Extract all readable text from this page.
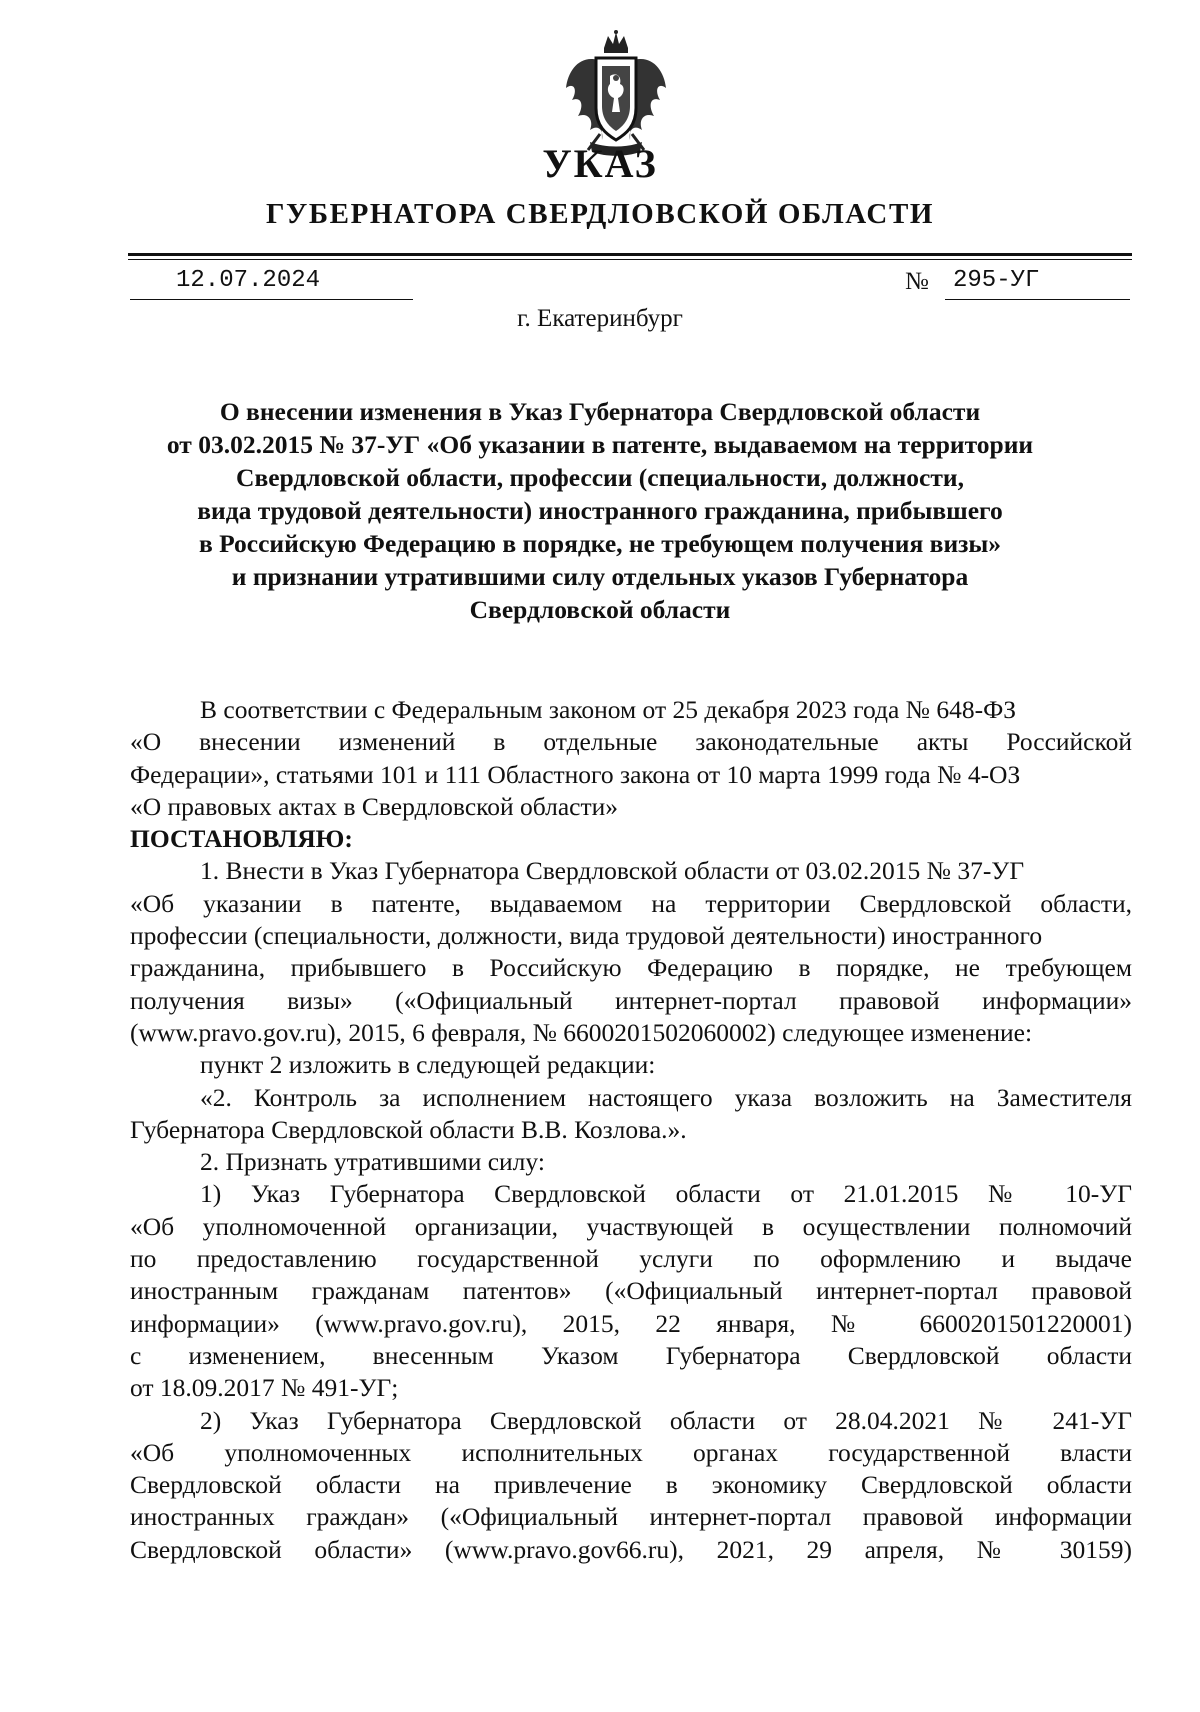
УКАЗ
ГУБЕРНАТОРА СВЕРДЛОВСКОЙ ОБЛАСТИ
12.07.2024	№	295-УГ
г. Екатеринбург
О внесении изменения в Указ Губернатора Свердловской области
от 03.02.2015 № 37-УГ «Об указании в патенте, выдаваемом на территории
Свердловской области, профессии (специальности, должности,
вида трудовой деятельности) иностранного гражданина, прибывшего
в Российскую Федерацию в порядке, не требующем получения визы»
и признании утратившими силу отдельных указов Губернатора
Свердловской области
В соответствии с Федеральным законом от 25 декабря 2023 года № 648-ФЗ
«О внесении изменений в отдельные законодательные акты Российской
Федерации», статьями 101 и 111 Областного закона от 10 марта 1999 года № 4-ОЗ
«О правовых актах в Свердловской области»
ПОСТАНОВЛЯЮ:
1. Внести в Указ Губернатора Свердловской области от 03.02.2015 № 37-УГ
«Об указании в патенте, выдаваемом на территории Свердловской области,
профессии (специальности, должности, вида трудовой деятельности) иностранного
гражданина, прибывшего в Российскую Федерацию в порядке, не требующем
получения визы» («Официальный интернет-портал правовой информации»
(www.pravo.gov.ru), 2015, 6 февраля, № 6600201502060002) следующее изменение:
пункт 2 изложить в следующей редакции:
«2. Контроль за исполнением настоящего указа возложить на Заместителя
Губернатора Свердловской области В.В. Козлова.».
2. Признать утратившими силу:
1) Указ Губернатора Свердловской области от 21.01.2015 № 10-УГ
«Об уполномоченной организации, участвующей в осуществлении полномочий
по предоставлению государственной услуги по оформлению и выдаче
иностранным гражданам патентов» («Официальный интернет-портал правовой
информации» (www.pravo.gov.ru), 2015, 22 января, № 6600201501220001)
с изменением, внесенным Указом Губернатора Свердловской области
от 18.09.2017 № 491-УГ;
2) Указ Губернатора Свердловской области от 28.04.2021 № 241-УГ
«Об уполномоченных исполнительных органах государственной власти
Свердловской области на привлечение в экономику Свердловской области
иностранных граждан» («Официальный интернет-портал правовой информации
Свердловской области» (www.pravo.gov66.ru), 2021, 29 апреля, № 30159)
